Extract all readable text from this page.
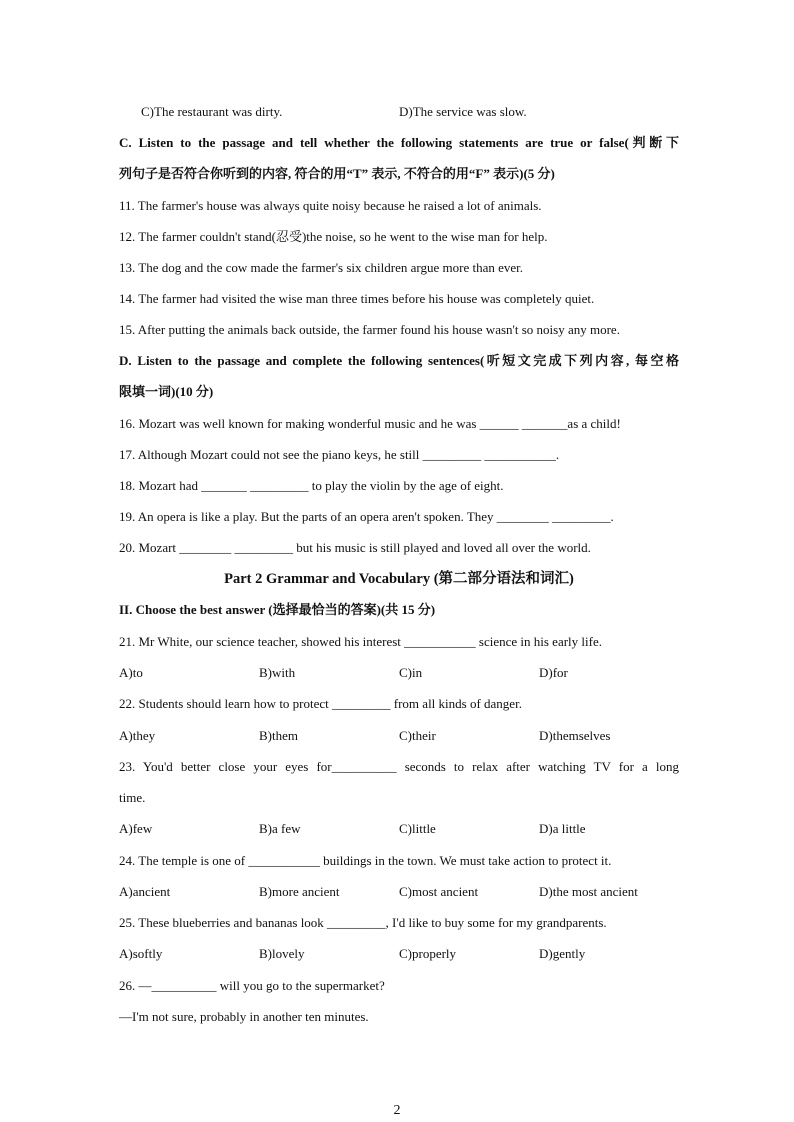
C)The restaurant was dirty.	D)The service was slow.
C. Listen to the passage and tell whether the following statements are true or false(判断下
列句子是否符合你听到的内容, 符合的用“T” 表示, 不符合的用“F” 表示)(5 分)
11. The farmer's house was always quite noisy because he raised a lot of animals.
12. The farmer couldn't stand(忍受)the noise, so he went to the wise man for help.
13. The dog and the cow made the farmer's six children argue more than ever.
14. The farmer had visited the wise man three times before his house was completely quiet.
15. After putting the animals back outside, the farmer found his house wasn't so noisy any more.
D. Listen to the passage and complete the following sentences(听短文完成下列内容, 每空格
限填一词)(10 分)
16. Mozart was well known for making wonderful music and he was ______ _______as a child!
17. Although Mozart could not see the piano keys, he still _________ ___________.
18. Mozart had _______ _________ to play the violin by the age of eight.
19. An opera is like a play. But the parts of an opera aren't spoken. They ________ _________.
20. Mozart ________ _________ but his music is still played and loved all over the world.
Part 2 Grammar and Vocabulary (第二部分语法和词汇)
II. Choose the best answer (选择最恰当的答案)(共 15 分)
21. Mr White, our science teacher, showed his interest ___________ science in his early life.
A)to	B)with	C)in	D)for
22. Students should learn how to protect _________ from all kinds of danger.
A)they	B)them	C)their	D)themselves
23. You'd better close your eyes for__________ seconds to relax after watching TV for a long
time.
A)few	B)a few	C)little	D)a little
24. The temple is one of ___________ buildings in the town. We must take action to protect it.
A)ancient	B)more ancient	C)most ancient	D)the most ancient
25. These blueberries and bananas look _________, I'd like to buy some for my grandparents.
A)softly	B)lovely	C)properly	D)gently
26. —__________ will you go to the supermarket?
—I'm not sure, probably in another ten minutes.
2
